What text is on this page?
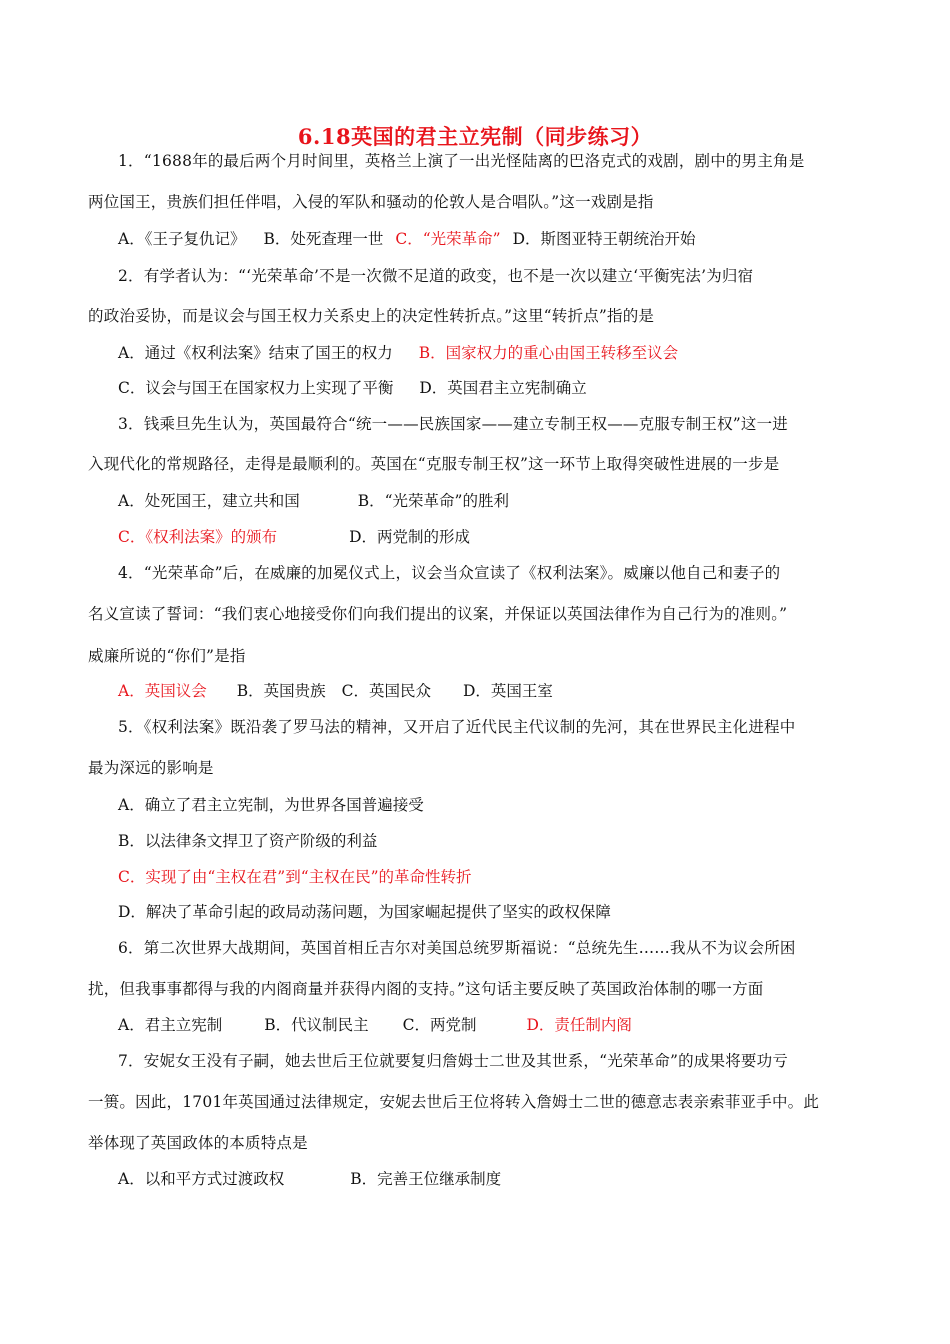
6.18英国的君主立宪制（同步练习）
1．“1688年的最后两个月时间里，英格兰上演了一出光怪陆离的巴洛克式的戏剧，剧中的男主角是
两位国王，贵族们担任伴唱，入侵的军队和骚动的伦敦人是合唱队。”这一戏剧是指
A．《王子复仇记》 B．处死查理一世 C．“光荣革命” D．斯图亚特王朝统治开始
2．有学者认为：“‘光荣革命’不是一次微不足道的政变，也不是一次以建立‘平衡宪法’为归宿
的政治妥协，而是议会与国王权力关系史上的决定性转折点。”这里“转折点”指的是
A．通过《权利法案》结束了国王的权力 B．国家权力的重心由国王转移至议会
C．议会与国王在国家权力上实现了平衡 D．英国君主立宪制确立
3．钱乘旦先生认为，英国最符合“统一——民族国家——建立专制王权——克服专制王权”这一进
入现代化的常规路径，走得是最顺利的。英国在“克服专制王权”这一环节上取得突破性进展的一步是
A．处死国王，建立共和国	B．“光荣革命”的胜利
C．《权利法案》的颁布	D．两党制的形成
4．“光荣革命”后，在威廉的加冕仪式上，议会当众宣读了《权利法案》。威廉以他自己和妻子的
名义宣读了誓词：“我们衷心地接受你们向我们提出的议案，并保证以英国法律作为自己行为的准则。”
威廉所说的“你们”是指
A．英国议会 B．英国贵族 C．英国民众 D．英国王室
5．《权利法案》既沿袭了罗马法的精神，又开启了近代民主代议制的先河，其在世界民主化进程中
最为深远的影响是
A．确立了君主立宪制，为世界各国普遍接受
B．以法律条文捍卫了资产阶级的利益
C．实现了由“主权在君”到“主权在民”的革命性转折
D．解决了革命引起的政局动荡问题，为国家崛起提供了坚实的政权保障
6．第二次世界大战期间，英国首相丘吉尔对美国总统罗斯福说：“总统先生……我从不为议会所困
扰，但我事事都得与我的内阁商量并获得内阁的支持。”这句话主要反映了英国政治体制的哪一方面
A．君主立宪制	B．代议制民主 C．两党制	D．责任制内阁
7．安妮女王没有子嗣，她去世后王位就要复归詹姆士二世及其世系，“光荣革命”的成果将要功亏
一篑。因此，1701年英国通过法律规定，安妮去世后王位将转入詹姆士二世的德意志表亲索菲亚手中。此
举体现了英国政体的本质特点是
A．以和平方式过渡政权	B．完善王位继承制度
